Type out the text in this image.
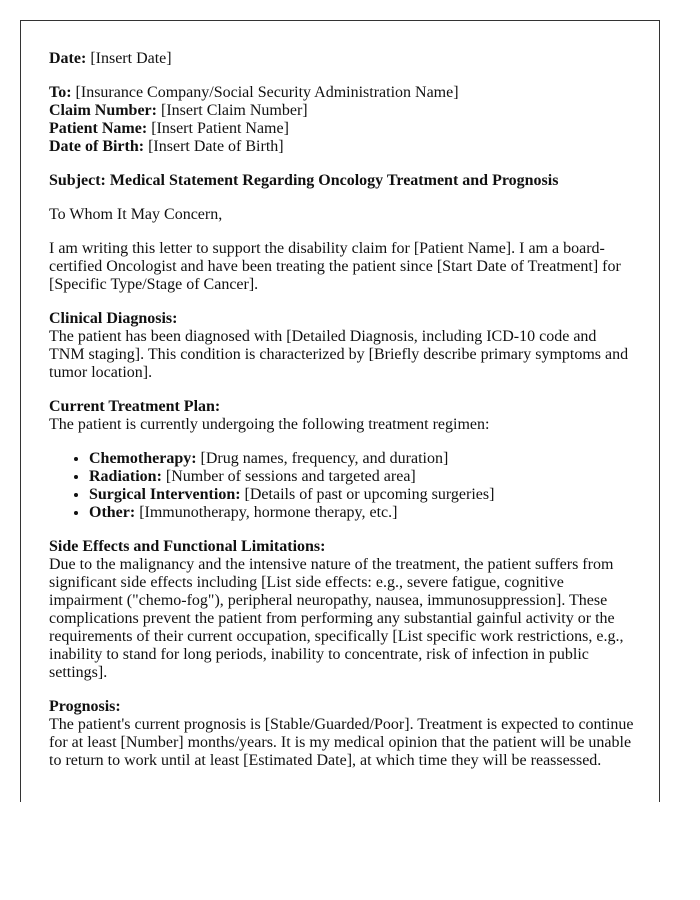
Date: [Insert Date]

To: [Insurance Company/Social Security Administration Name]

Claim Number: [Insert Claim Number]

Patient Name: [Insert Patient Name]

Date of Birth: [Insert Date of Birth]

Subject: Medical Statement Regarding Oncology Treatment and Prognosis

To Whom It May Concern,

I am writing this letter to support the disability claim for [Patient Name]. I am a board-certified Oncologist and have been treating the patient since [Start Date of Treatment] for [Specific Type/Stage of Cancer].

Clinical Diagnosis:
The patient has been diagnosed with [Detailed Diagnosis, including ICD-10 code and TNM staging]. This condition is characterized by [Briefly describe primary symptoms and tumor location].

Current Treatment Plan:
The patient is currently undergoing the following treatment regimen:

• Chemotherapy: [Drug names, frequency, and duration]
• Radiation: [Number of sessions and targeted area]
• Surgical Intervention: [Details of past or upcoming surgeries]
• Other: [Immunotherapy, hormone therapy, etc.]

Side Effects and Functional Limitations:
Due to the malignancy and the intensive nature of the treatment, the patient suffers from significant side effects including [List side effects: e.g., severe fatigue, cognitive impairment ("chemo-fog"), peripheral neuropathy, nausea, immunosuppression]. These complications prevent the patient from performing any substantial gainful activity or the requirements of their current occupation, specifically [List specific work restrictions, e.g., inability to stand for long periods, inability to concentrate, risk of infection in public settings].

Prognosis:
The patient's current prognosis is [Stable/Guarded/Poor]. Treatment is expected to continue for at least [Number] months/years. It is my medical opinion that the patient will be unable to return to work until at least [Estimated Date], at which time they will be reassessed.
